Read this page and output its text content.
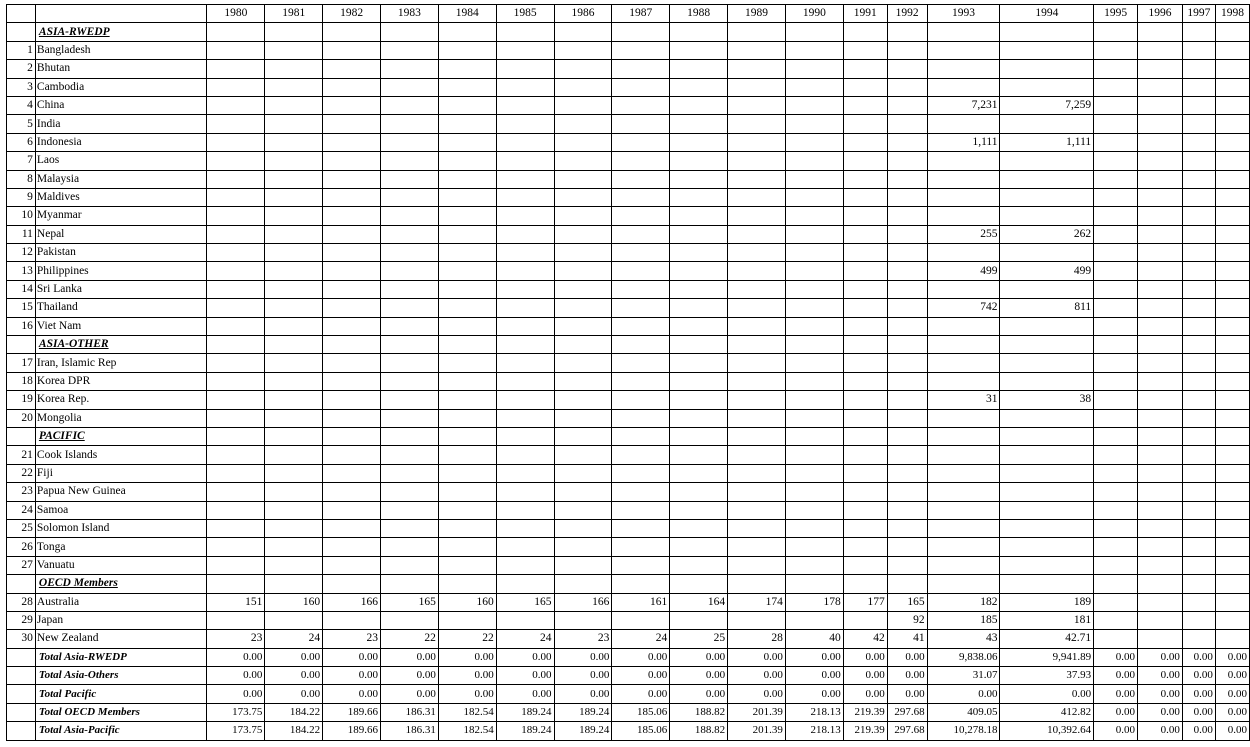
		1980	1981	1982	1983	1984	1985	1986	1987	1988	1989	1990	1991	1992	1993	1994	1995	1996	1997	1998
	ASIA-RWEDP																			
1	Bangladesh																			
2	Bhutan																			
3	Cambodia																			
4	China														7,231	7,259				
5	India																			
6	Indonesia														1,111	1,111				
7	Laos																			
8	Malaysia																			
9	Maldives																			
10	Myanmar																			
11	Nepal														255	262				
12	Pakistan																			
13	Philippines														499	499				
14	Sri Lanka																			
15	Thailand														742	811				
16	Viet Nam																			
	ASIA-OTHER																			
17	Iran, Islamic Rep																			
18	Korea DPR																			
19	Korea Rep.														31	38				
20	Mongolia																			
	PACIFIC																			
21	Cook Islands																			
22	Fiji																			
23	Papua New Guinea																			
24	Samoa																			
25	Solomon Island																			
26	Tonga																			
27	Vanuatu																			
	OECD Members																			
28	Australia	151	160	166	165	160	165	166	161	164	174	178	177	165	182	189				
29	Japan													92	185	181				
30	New Zealand	23	24	23	22	22	24	23	24	25	28	40	42	41	43	42.71				
	Total Asia-RWEDP	0.00	0.00	0.00	0.00	0.00	0.00	0.00	0.00	0.00	0.00	0.00	0.00	0.00	9,838.06	9,941.89	0.00	0.00	0.00	0.00
	Total Asia-Others	0.00	0.00	0.00	0.00	0.00	0.00	0.00	0.00	0.00	0.00	0.00	0.00	0.00	31.07	37.93	0.00	0.00	0.00	0.00
	Total Pacific	0.00	0.00	0.00	0.00	0.00	0.00	0.00	0.00	0.00	0.00	0.00	0.00	0.00	0.00	0.00	0.00	0.00	0.00	0.00
	Total OECD Members	173.75	184.22	189.66	186.31	182.54	189.24	189.24	185.06	188.82	201.39	218.13	219.39	297.68	409.05	412.82	0.00	0.00	0.00	0.00
	Total Asia-Pacific	173.75	184.22	189.66	186.31	182.54	189.24	189.24	185.06	188.82	201.39	218.13	219.39	297.68	10,278.18	10,392.64	0.00	0.00	0.00	0.00
